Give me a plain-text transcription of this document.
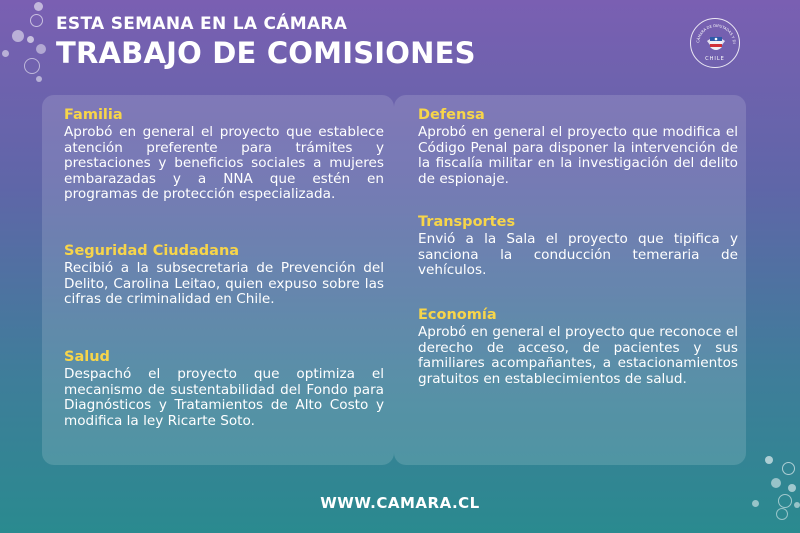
ESTA SEMANA EN LA CÁMARA
TRABAJO DE COMISIONES	CÁMARA DE DIPUTADAS Y DI
CHILE
Familia
Aprobó en general el proyecto que establece atención preferente para trámites y prestaciones y beneficios sociales a mujeres embarazadas y a NNA que estén en programas de protección especializada.
Seguridad Ciudadana
Recibió a la subsecretaria de Prevención del Delito, Carolina Leitao, quien expuso sobre las cifras de criminalidad en Chile.
Salud
Despachó el proyecto que optimiza el mecanismo de sustentabilidad del Fondo para Diagnósticos y Tratamientos de Alto Costo y modifica la ley Ricarte Soto.
Defensa
Aprobó en general el proyecto que modifica el Código Penal para disponer la intervención de la fiscalía militar en la investigación del delito de espionaje.
Transportes
Envió a la Sala el proyecto que tipifica y sanciona la conducción temeraria de vehículos.
Economía
Aprobó en general el proyecto que reconoce el derecho de acceso, de pacientes y sus familiares acompañantes, a estacionamientos gratuitos en establecimientos de salud.
WWW.CAMARA.CL
